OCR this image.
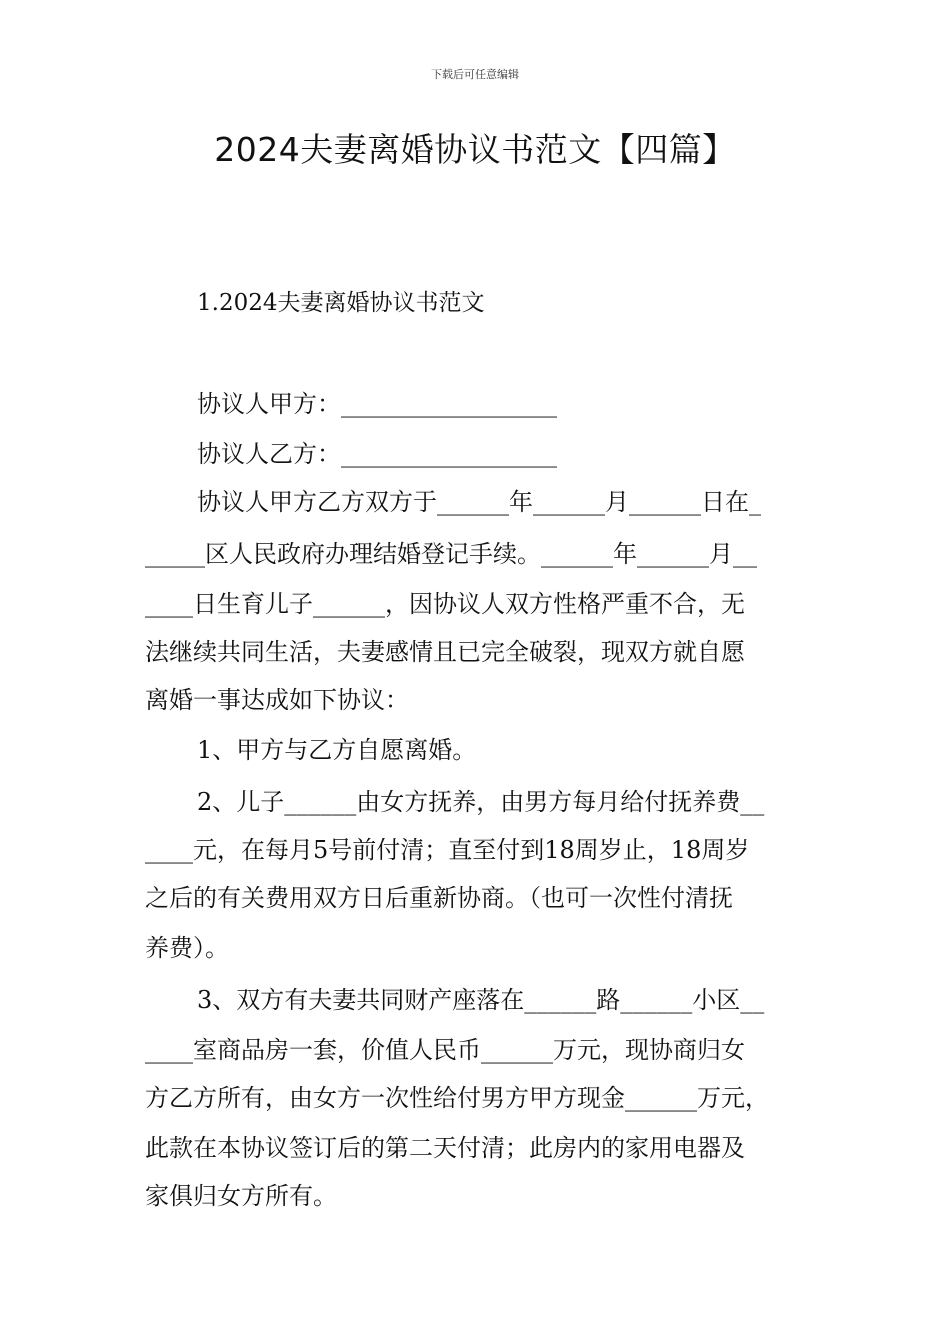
下载后可任意编辑
2024夫妻离婚协议书范文【四篇】
1.2024夫妻离婚协议书范文

协议人甲方：__________________

协议人乙方：__________________

协议人甲方乙方双方于______年______月______日在_

_____区人民政府办理结婚登记手续。______年______月__

____日生育儿子______，因协议人双方性格严重不合，无

法继续共同生活，夫妻感情且已完全破裂，现双方就自愿

离婚一事达成如下协议：

1、甲方与乙方自愿离婚。

2、儿子______由女方抚养，由男方每月给付抚养费__

____元，在每月5号前付清；直至付到18周岁止，18周岁

之后的有关费用双方日后重新协商。（也可一次性付清抚

养费）。

3、双方有夫妻共同财产座落在______路______小区__

____室商品房一套，价值人民币______万元，现协商归女

方乙方所有，由女方一次性给付男方甲方现金______万元，

此款在本协议签订后的第二天付清；此房内的家用电器及

家俱归女方所有。
